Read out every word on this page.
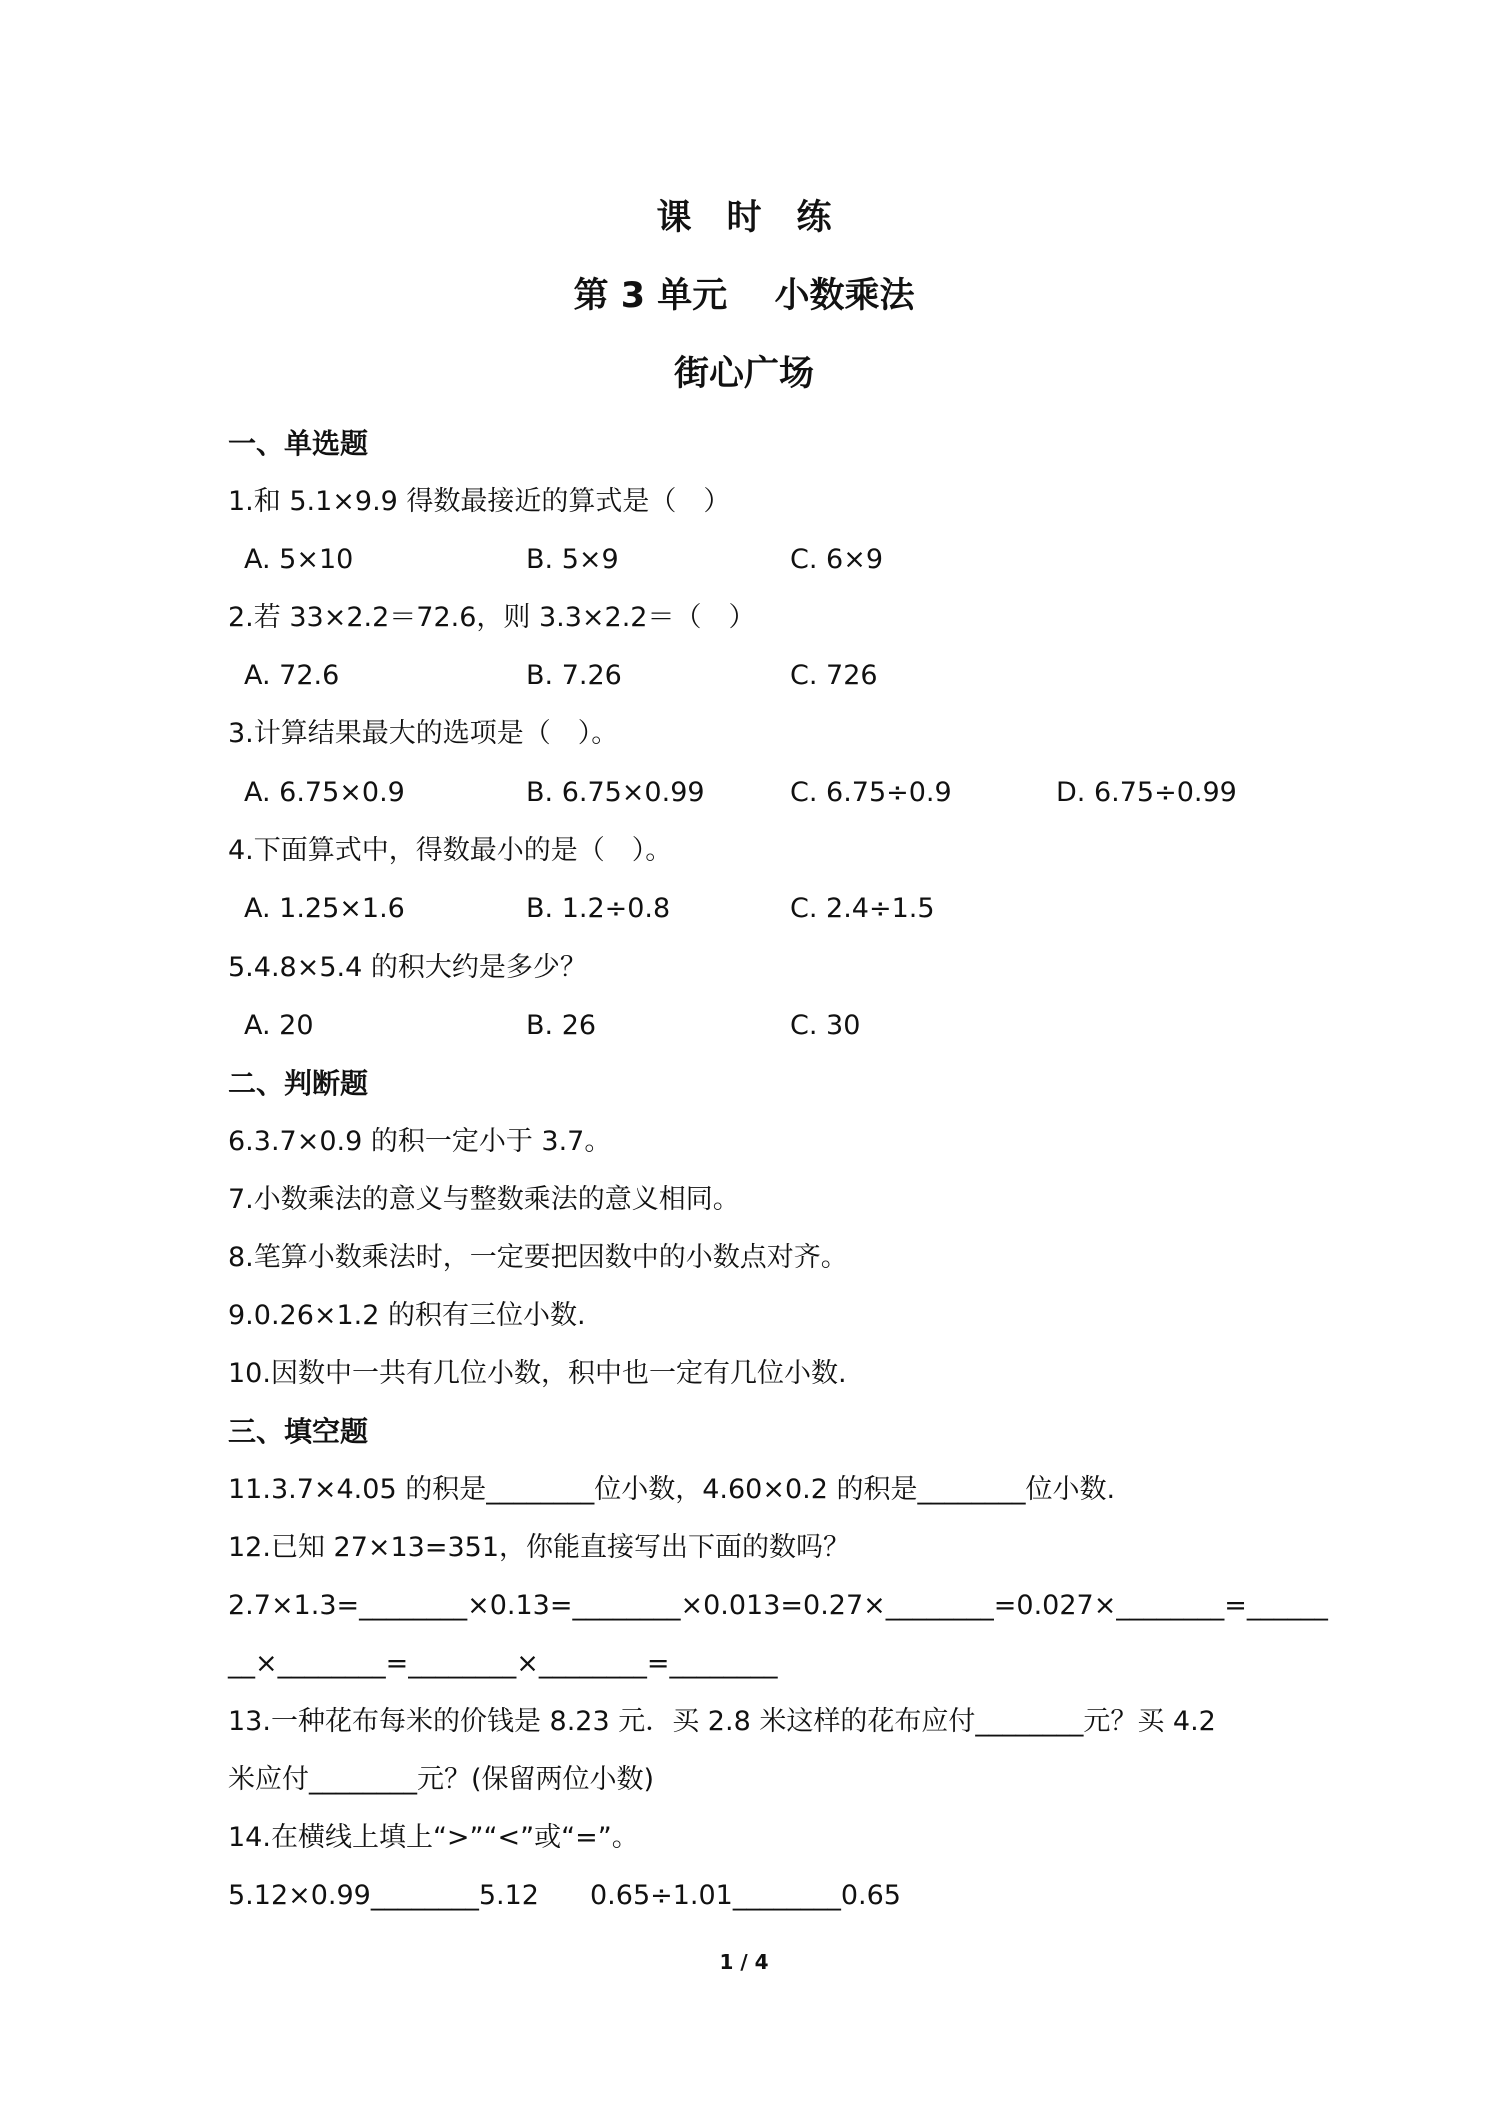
课　时　练
第 3 单元　 小数乘法
街心广场
一、单选题
1.和 5.1×9.9 得数最接近的算式是（　）
A. 5×10	B. 5×9	C. 6×9
2.若 33×2.2＝72.6，则 3.3×2.2＝（　）
A. 72.6	B. 7.26	C. 726
3.计算结果最大的选项是（　）。
A. 6.75×0.9	B. 6.75×0.99	C. 6.75÷0.9	D. 6.75÷0.99
4.下面算式中，得数最小的是（　）。
A. 1.25×1.6	B. 1.2÷0.8	C. 2.4÷1.5
5.4.8×5.4 的积大约是多少？
A. 20	B. 26	C. 30
二、判断题
6.3.7×0.9 的积一定小于 3.7。
7.小数乘法的意义与整数乘法的意义相同。
8.笔算小数乘法时，一定要把因数中的小数点对齐。
9.0.26×1.2 的积有三位小数.
10.因数中一共有几位小数，积中也一定有几位小数.
三、填空题
11.3.7×4.05 的积是________位小数，4.60×0.2 的积是________位小数.
12.已知 27×13=351，你能直接写出下面的数吗？
2.7×1.3=________×0.13=________×0.013=0.27×________=0.027×________=______
__×________=________×________=________
13.一种花布每米的价钱是 8.23 元．买 2.8 米这样的花布应付________元？买 4.2
米应付________元？(保留两位小数)
14.在横线上填上“>”“<”或“=”。
5.12×0.99________5.12 0.65÷1.01________0.65
1 / 4
